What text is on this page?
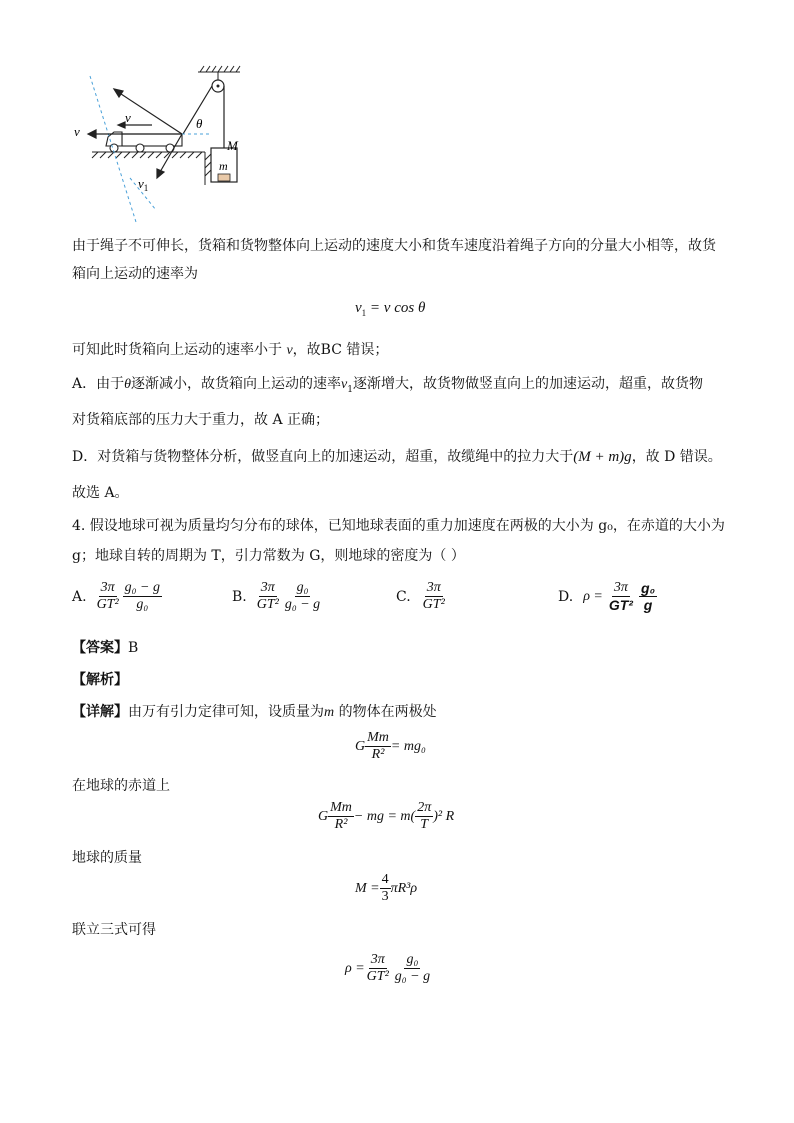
v
v	θ
M
m
$v_1$
由于绳子不可伸长，货箱和货物整体向上运动的速度大小和货车速度沿着绳子方向的分量大小相等，故货
箱向上运动的速率为
$v_1 = v$ cos θ
可知此时货箱向上运动的速率小于 v，故BC 错误；
A．由于θ逐渐减小，故货箱向上运动的速率$v_1$逐渐增大，故货物做竖直向上的加速运动，超重，故货物
对货箱底部的压力大于重力，故 A 正确；
D．对货箱与货物整体分析，做竖直向上的加速运动，超重，故缆绳中的拉力大于(M + m)g，故 D 错误。
故选 A。
4. 假设地球可视为质量均匀分布的球体，已知地球表面的重力加速度在两极的大小为 g₀，在赤道的大小为
g；地球自转的周期为 T，引力常数为 G，则地球的密度为（ ）
A. $\frac{3\pi}{\text{GT²}} \frac{\text{g₀ − g}}{\text{g₀}}$	B. $\frac{3\pi}{\text{GT²}} \frac{\text{g₀}}{\text{g₀ − g}}$	C. $\frac{3\pi}{\text{GT²}}$	D. $\rho = \frac{3\pi}{\text{GT²}} \frac{\text{g₀}}{g}$
【答案】B
【解析】
【详解】由万有引力定律可知，设质量为m 的物体在两极处
G $\frac{Mm}{\text{R²}} = mg_0$
在地球的赤道上
G $\frac{Mm}{\text{R²}}$ − mg = $m( \frac{2\pi}{T} )^2$ R
地球的质量
$M = \frac{4}{3} \pi R^3\rho$
联立三式可得
$\rho = \frac{3\pi}{\text{GT²}} \frac{\text{g₀}}{\text{g₀ − g}}$
